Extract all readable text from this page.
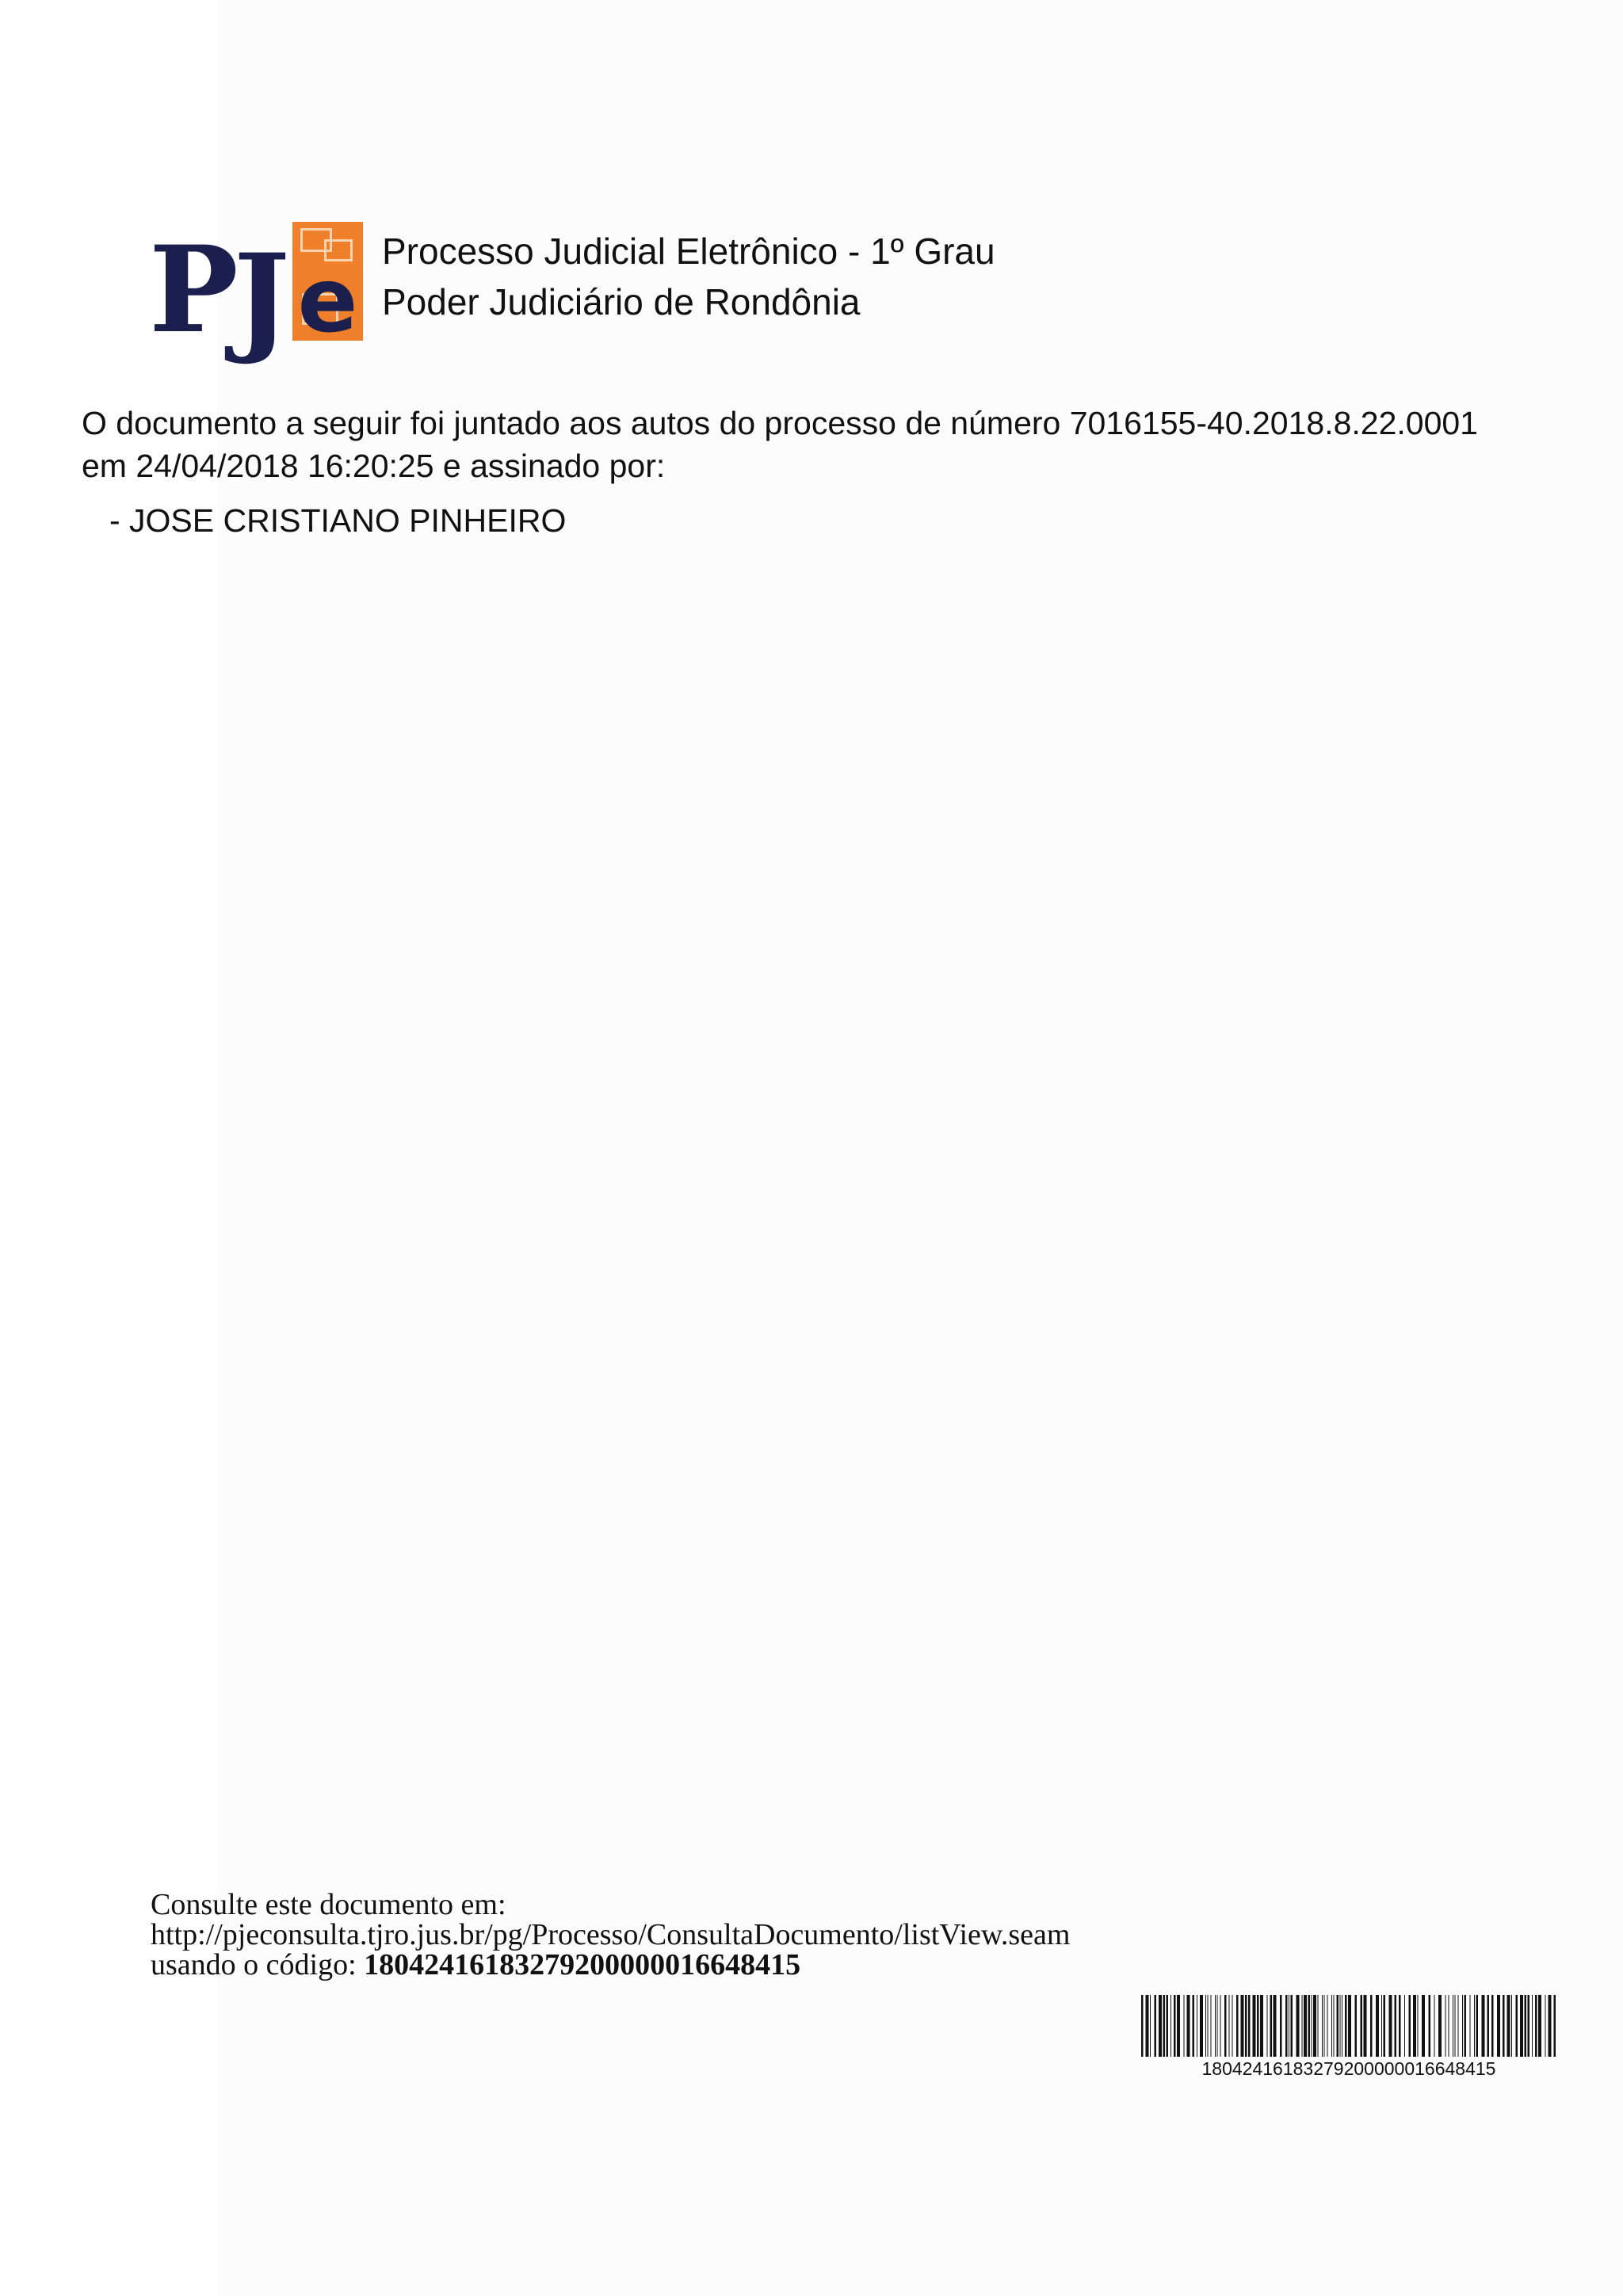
PJ e Processo Judicial Eletrônico - 1º Grau
Poder Judiciário de Rondônia

O documento a seguir foi juntado aos autos do processo de número 7016155-40.2018.8.22.0001
em 24/04/2018 16:20:25 e assinado por:

- JOSE CRISTIANO PINHEIRO

Consulte este documento em:
http://pjeconsulta.tjro.jus.br/pg/Processo/ConsultaDocumento/listView.seam
usando o código: 18042416183279200000016648415

18042416183279200000016648415
